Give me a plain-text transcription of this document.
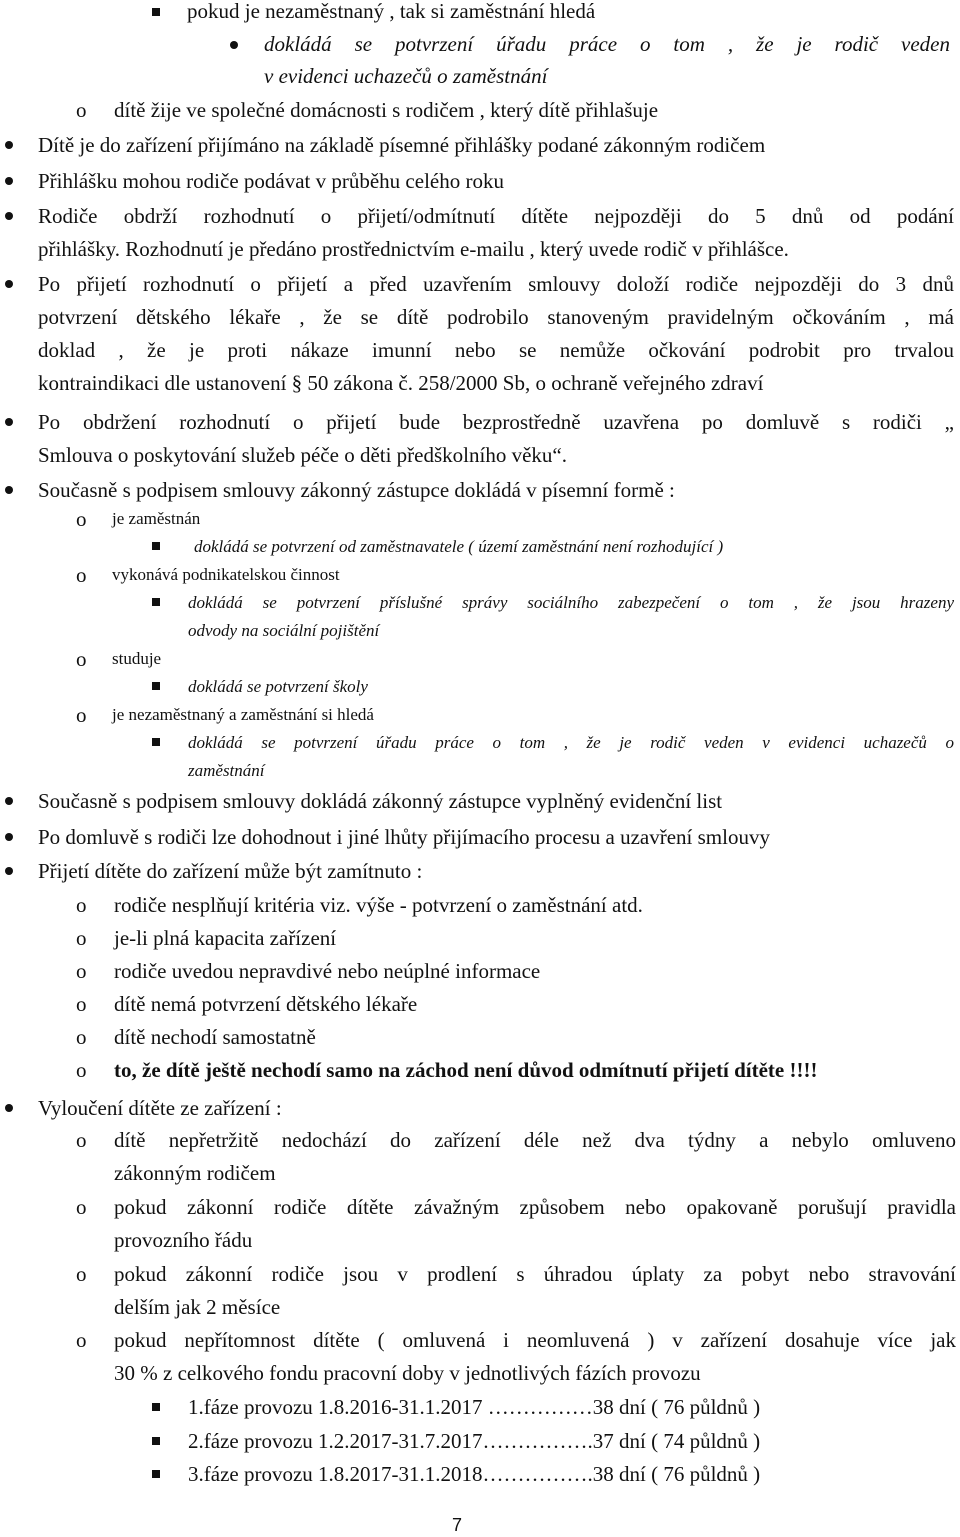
pokud je nezaměstnaný , tak si zaměstnání hledá
dokládá se potvrzení úřadu práce o tom , že je rodič veden
v evidenci uchazečů o zaměstnání
o dítě žije ve společné domácnosti s rodičem , který dítě přihlašuje
Dítě je do zařízení přijímáno na základě písemné přihlášky podané zákonným rodičem
Přihlášku mohou rodiče podávat v průběhu celého roku
Rodiče obdrží rozhodnutí o přijetí/odmítnutí dítěte nejpozději do 5 dnů od podání
přihlášky. Rozhodnutí je předáno prostřednictvím e-mailu , který uvede rodič v přihlášce.
Po přijetí rozhodnutí o přijetí a před uzavřením smlouvy doloží rodiče nejpozději do 3 dnů
potvrzení dětského lékaře , že se dítě podrobilo stanoveným pravidelným očkováním , má
doklad , že je proti nákaze imunní nebo se nemůže očkování podrobit pro trvalou
kontraindikaci dle ustanovení § 50 zákona č. 258/2000 Sb, o ochraně veřejného zdraví
Po obdržení rozhodnutí o přijetí bude bezprostředně uzavřena po domluvě s rodiči „
Smlouva o poskytování služeb péče o děti předškolního věku“.
Současně s podpisem smlouvy zákonný zástupce dokládá v písemní formě :
o je zaměstnán
dokládá se potvrzení od zaměstnavatele ( území zaměstnání není rozhodující )
o vykonává podnikatelskou činnost
dokládá se potvrzení příslušné správy sociálního zabezpečení o tom , že jsou hrazeny
odvody na sociální pojištění
o studuje
dokládá se potvrzení školy
o je nezaměstnaný a zaměstnání si hledá
dokládá se potvrzení úřadu práce o tom , že je rodič veden v evidenci uchazečů o
zaměstnání
Současně s podpisem smlouvy dokládá zákonný zástupce vyplněný evidenční list
Po domluvě s rodiči lze dohodnout i jiné lhůty přijímacího procesu a uzavření smlouvy
Přijetí dítěte do zařízení může být zamítnuto :
o rodiče nesplňují kritéria viz. výše - potvrzení o zaměstnání atd.
o je-li plná kapacita zařízení
o rodiče uvedou nepravdivé nebo neúplné informace
o dítě nemá potvrzení dětského lékaře
o dítě nechodí samostatně
o to, že dítě ještě nechodí samo na záchod není důvod odmítnutí přijetí dítěte !!!!
Vyloučení dítěte ze zařízení :
o dítě nepřetržitě nedochází do zařízení déle než dva týdny a nebylo omluveno
zákonným rodičem
o pokud zákonní rodiče dítěte závažným způsobem nebo opakovaně porušují pravidla
provozního řádu
o pokud zákonní rodiče jsou v prodlení s úhradou úplaty za pobyt nebo stravování
delším jak 2 měsíce
o pokud nepřítomnost dítěte ( omluvená i neomluvená ) v zařízení dosahuje více jak
30 % z celkového fondu pracovní doby v jednotlivých fázích provozu
1.fáze provozu 1.8.2016-31.1.2017 ……………38 dní ( 76 půldnů )
2.fáze provozu 1.2.2017-31.7.2017…………….37 dní ( 74 půldnů )
3.fáze provozu 1.8.2017-31.1.2018…………….38 dní ( 76 půldnů )
7
